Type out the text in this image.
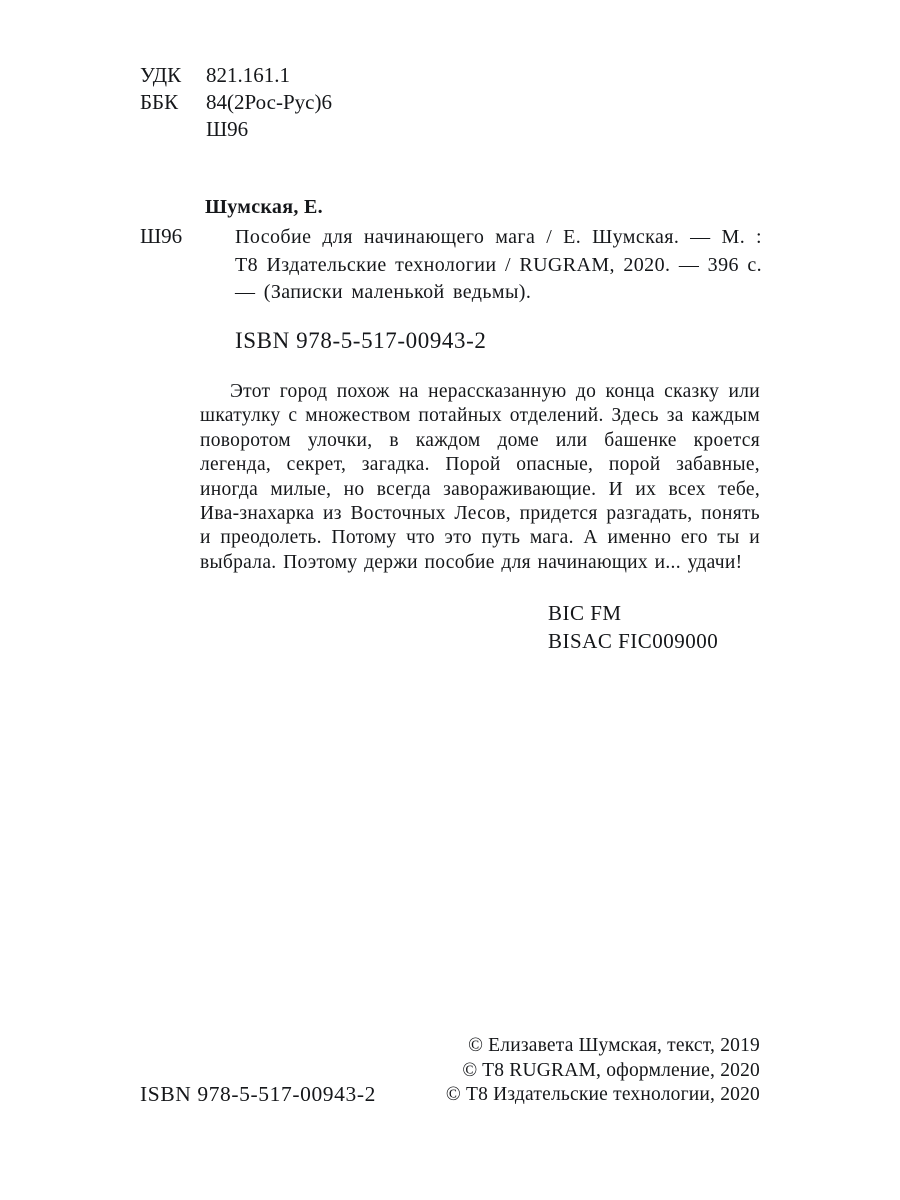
УДК	821.161.1
ББК	84(2Рос-Рус)6
Ш96
Шумская, Е.
Ш96	Пособие для начинающего мага / Е. Шумская. — М. : Т8 Издательские технологии / RUGRAM, 2020. — 396 с. — (Записки маленькой ведьмы).

ISBN 978-5-517-00943-2

Этот город похож на нерассказанную до конца сказку или шкатулку с множеством потайных отделений. Здесь за каждым поворотом улочки, в каждом доме или башенке кроется легенда, секрет, загадка. Порой опасные, порой забавные, иногда милые, но всегда завораживающие. И их всех тебе, Ива-знахарка из Восточных Лесов, придется разгадать, понять и преодолеть. Потому что это путь мага. А именно его ты и выбрала. Поэтому держи пособие для начинающих и... удачи!

BIC FM
BISAC FIC009000
© Елизавета Шумская, текст, 2019
© T8 RUGRAM, оформление, 2020
© Т8 Издательские технологии, 2020
ISBN 978-5-517-00943-2
